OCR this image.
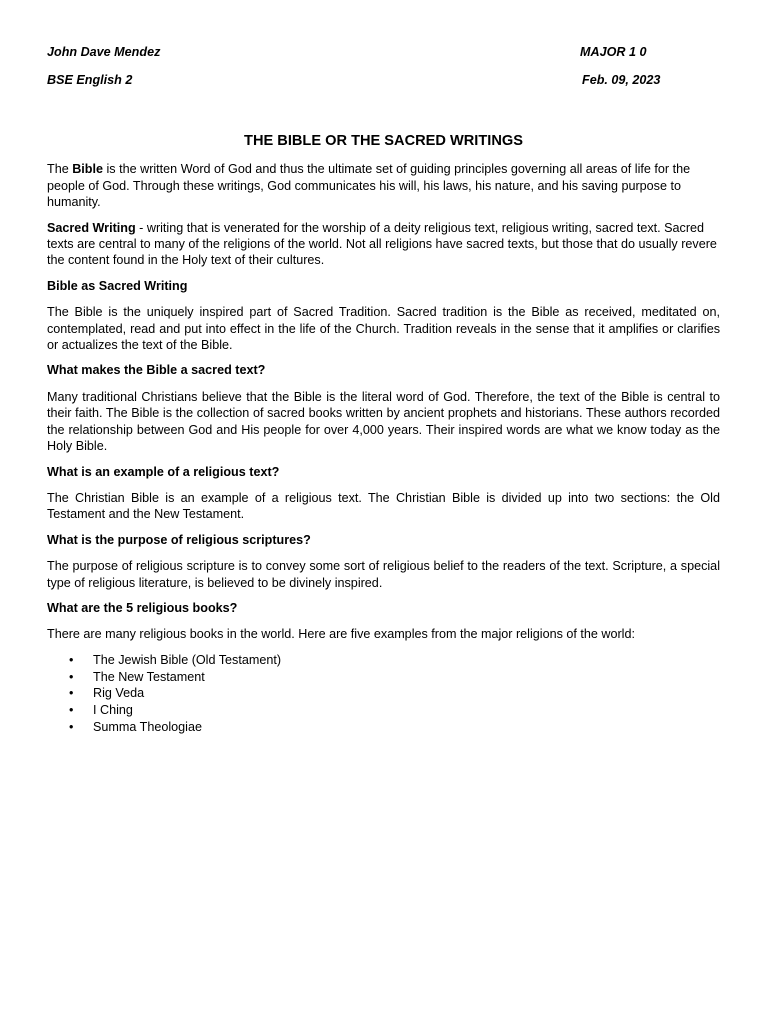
John Dave Mendez
BSE English 2
MAJOR 1 0
Feb. 09, 2023
THE BIBLE OR THE SACRED WRITINGS

The Bible is the written Word of God and thus the ultimate set of guiding principles governing all areas of life for the people of God. Through these writings, God communicates his will, his laws, his nature, and his saving purpose to humanity.

Sacred Writing - writing that is venerated for the worship of a deity religious text, religious writing, sacred text. Sacred texts are central to many of the religions of the world. Not all religions have sacred texts, but those that do usually revere the content found in the Holy text of their cultures.

Bible as Sacred Writing

The Bible is the uniquely inspired part of Sacred Tradition. Sacred tradition is the Bible as received, meditated on, contemplated, read and put into effect in the life of the Church. Tradition reveals in the sense that it amplifies or clarifies or actualizes the text of the Bible.

What makes the Bible a sacred text?

Many traditional Christians believe that the Bible is the literal word of God. Therefore, the text of the Bible is central to their faith. The Bible is the collection of sacred books written by ancient prophets and historians. These authors recorded the relationship between God and His people for over 4,000 years. Their inspired words are what we know today as the Holy Bible.

What is an example of a religious text?

The Christian Bible is an example of a religious text. The Christian Bible is divided up into two sections: the Old Testament and the New Testament.

What is the purpose of religious scriptures?

The purpose of religious scripture is to convey some sort of religious belief to the readers of the text. Scripture, a special type of religious literature, is believed to be divinely inspired.

What are the 5 religious books?

There are many religious books in the world. Here are five examples from the major religions of the world:

• The Jewish Bible (Old Testament)
• The New Testament
• Rig Veda
• I Ching
• Summa Theologiae
